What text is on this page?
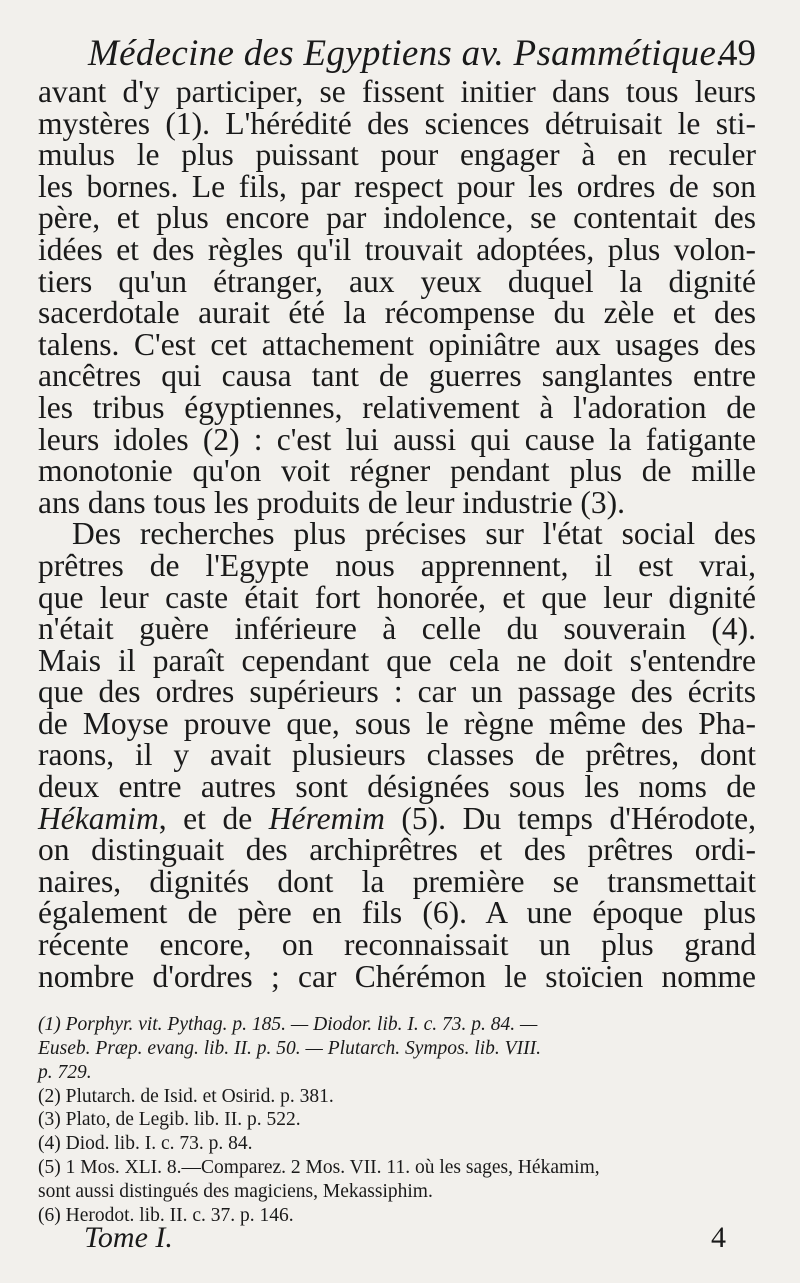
Médecine des Egyptiens av. Psammétique.
49

avant d'y participer, se fissent initier dans tous leurs

mystères (1). L'hérédité des sciences détruisait le sti-

mulus le plus puissant pour engager à en reculer

les bornes. Le fils, par respect pour les ordres de son

père, et plus encore par indolence, se contentait des

idées et des règles qu'il trouvait adoptées, plus volon-

tiers qu'un étranger, aux yeux duquel la dignité

sacerdotale aurait été la récompense du zèle et des

talens. C'est cet attachement opiniâtre aux usages des

ancêtres qui causa tant de guerres sanglantes entre

les tribus égyptiennes, relativement à l'adoration de

leurs idoles (2) : c'est lui aussi qui cause la fatigante

monotonie qu'on voit régner pendant plus de mille

ans dans tous les produits de leur industrie (3).

Des recherches plus précises sur l'état social des

prêtres de l'Egypte nous apprennent, il est vrai,

que leur caste était fort honorée, et que leur dignité

n'était guère inférieure à celle du souverain (4).

Mais il paraît cependant que cela ne doit s'entendre

que des ordres supérieurs : car un passage des écrits

de Moyse prouve que, sous le règne même des Pha-

raons, il y avait plusieurs classes de prêtres, dont

deux entre autres sont désignées sous les noms de

Hékamim, et de Héremim (5). Du temps d'Hérodote,

on distinguait des archiprêtres et des prêtres ordi-

naires, dignités dont la première se transmettait

également de père en fils (6). A une époque plus

récente encore, on reconnaissait un plus grand

nombre d'ordres ; car Chérémon le stoïcien nomme

(1) Porphyr. vit. Pythag. p. 185. — Diodor. lib. I. c. 73. p. 84. —

Euseb. Præp. evang. lib. II. p. 50. — Plutarch. Sympos. lib. VIII.

p. 729.

(2) Plutarch. de Isid. et Osirid. p. 381.

(3) Plato, de Legib. lib. II. p. 522.

(4) Diod. lib. I. c. 73. p. 84.

(5) 1 Mos. XLI. 8.—Comparez. 2 Mos. VII. 11. où les sages, Hékamim,

sont aussi distingués des magiciens, Mekassiphim.

(6) Herodot. lib. II. c. 37. p. 146.

Tome I.	4
